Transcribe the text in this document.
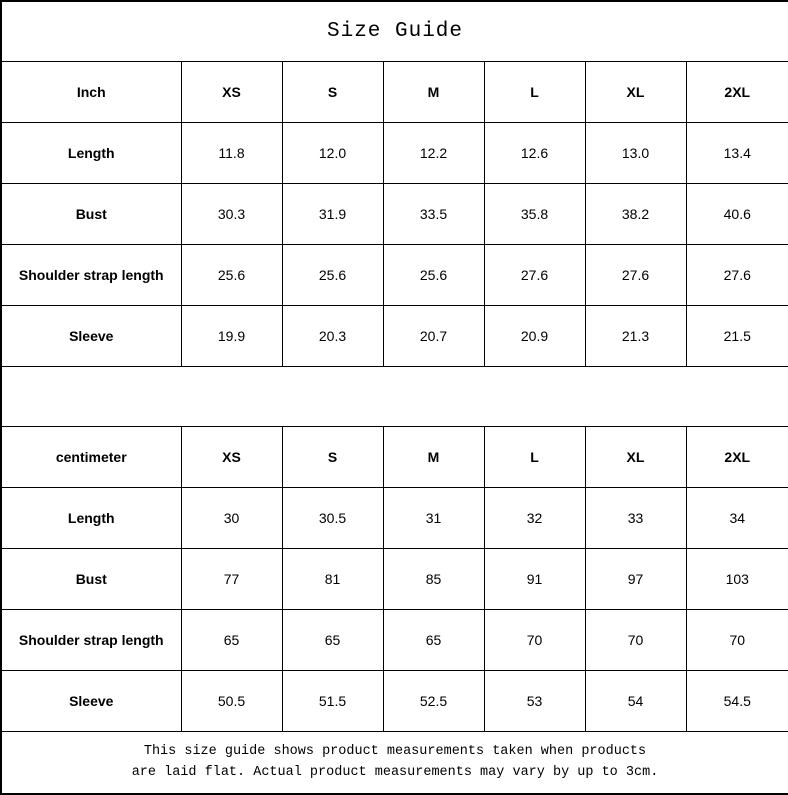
Size Guide						
Inch	XS	S	M	L	XL	2XL
Length	11.8	12.0	12.2	12.6	13.0	13.4
Bust	30.3	31.9	33.5	35.8	38.2	40.6
Shoulder strap length	25.6	25.6	25.6	27.6	27.6	27.6
Sleeve	19.9	20.3	20.7	20.9	21.3	21.5

centimeter	XS	S	M	L	XL	2XL
Length	30	30.5	31	32	33	34
Bust	77	81	85	91	97	103
Shoulder strap length	65	65	65	70	70	70
Sleeve	50.5	51.5	52.5	53	54	54.5

This size guide shows product measurements taken when products
are laid flat. Actual product measurements may vary by up to 3cm.						
